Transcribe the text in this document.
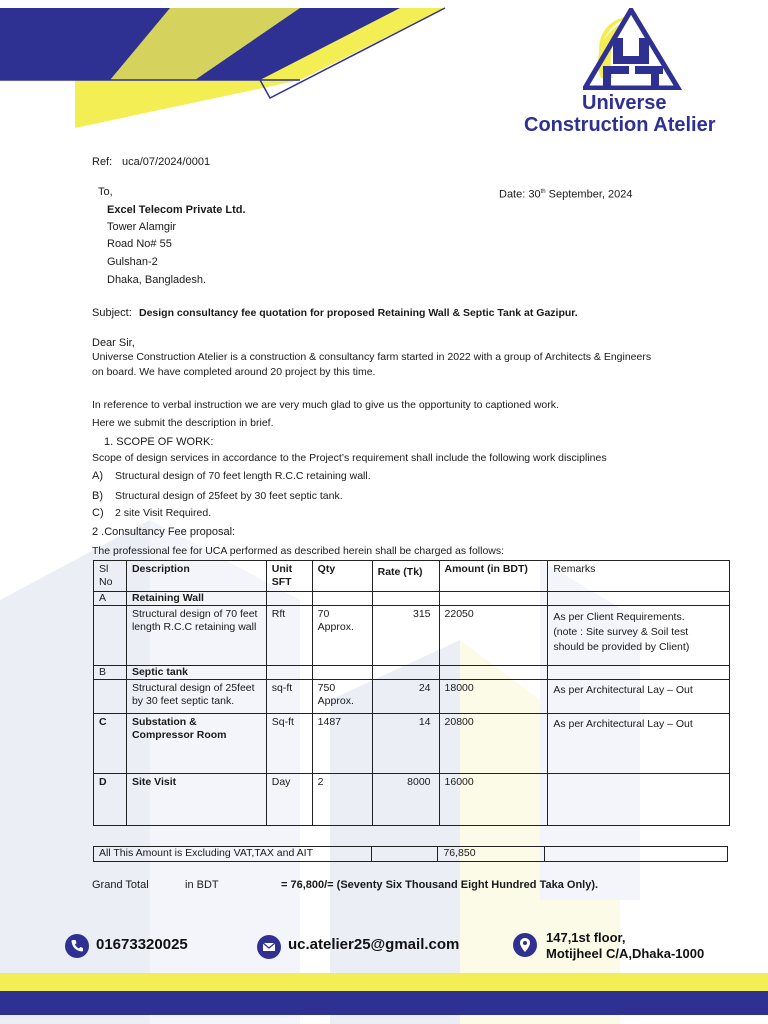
Universe
Construction Atelier
Ref: uca/07/2024/0001
To,	Date: 30th September, 2024
Excel Telecom Private Ltd.
Tower Alamgir
Road No# 55
Gulshan-2
Dhaka, Bangladesh.
Subject: Design consultancy fee quotation for proposed Retaining Wall & Septic Tank at Gazipur.
Dear Sir,
Universe Construction Atelier is a construction & consultancy farm started in 2022 with a group of Architects & Engineers
on board. We have completed around 20 project by this time.
In reference to verbal instruction we are very much glad to give us the opportunity to captioned work.
Here we submit the description in brief.
1. SCOPE OF WORK:
Scope of design services in accordance to the Project’s requirement shall include the following work disciplines
A) Structural design of 70 feet length R.C.C retaining wall.
B) Structural design of 25feet by 30 feet septic tank.
C) 2 site Visit Required.
2 .Consultancy Fee proposal:
The professional fee for UCA performed as described herein shall be charged as follows:
Sl
No	Description	Unit
SFT	Qty	Rate (Tk)	Amount (in BDT)	Remarks
A	Retaining Wall					
	Structural design of 70 feet length R.C.C retaining wall	Rft	70 Approx.	315	22050	As per Client Requirements.
(note : Site survey & Soil test
should be provided by Client)

B	Septic tank					
	Structural design of 25feet by 30 feet septic tank.	sq-ft	750 Approx.	24	18000	As per Architectural Lay – Out
C	Substation & Compressor Room	Sq-ft	1487	14	20800	As per Architectural Lay – Out
D	Site Visit	Day	2	8000	16000	
All This Amount is Excluding VAT,TAX and AIT		76,850	
Grand Total	in BDT	= 76,800/= (Seventy Six Thousand Eight Hundred Taka Only).
01673320025	uc.atelier25@gmail.com	147,1st floor,
Motijheel C/A,Dhaka-1000
